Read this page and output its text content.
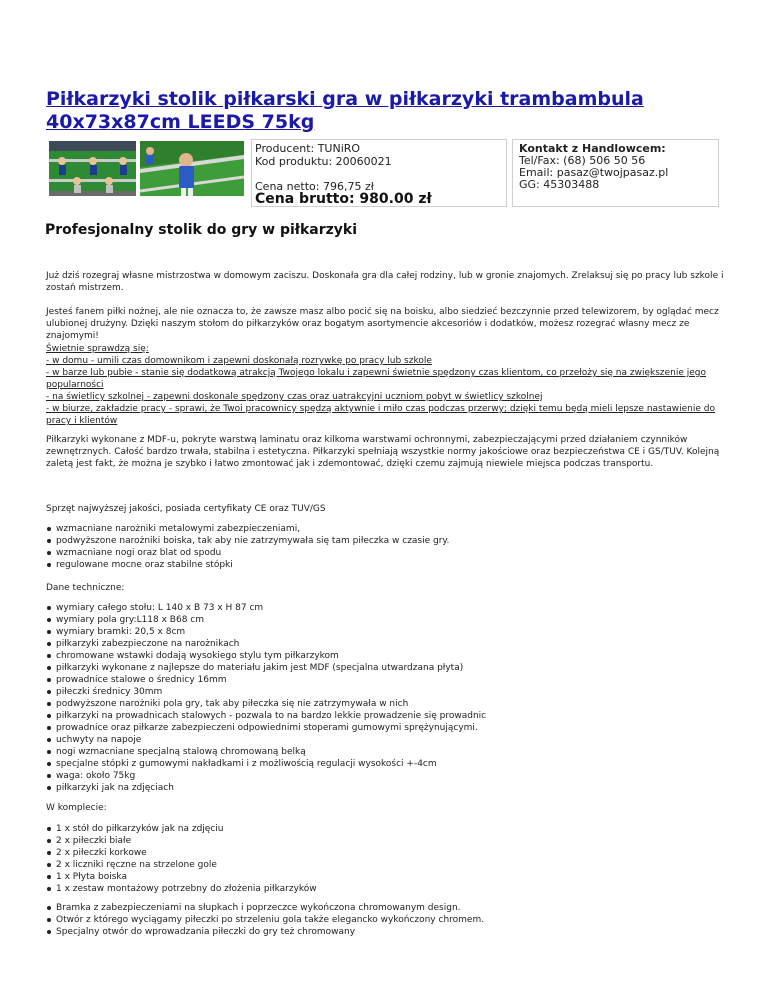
Piłkarzyki stolik piłkarski gra w piłkarzyki trambambula 40x73x87cm LEEDS 75kg
Producent: TUNiRO
Kod produktu: 20060021
Cena netto: 796,75 zł
Cena brutto: 980.00 zł
Kontakt z Handlowcem:
Tel/Fax: (68) 506 50 56
Email: pasaz@twojpasaz.pl
GG: 45303488
Profesjonalny stolik do gry w piłkarzyki

Już dziś rozegraj własne mistrzostwa w domowym zaciszu. Doskonała gra dla całej rodziny, lub w gronie znajomych. Zrelaksuj się po pracy lub szkole i zostań mistrzem.

Jesteś fanem piłki nożnej, ale nie oznacza to, że zawsze masz albo pocić się na boisku, albo siedzieć bezczynnie przed telewizorem, by oglądać mecz ulubionej drużyny. Dzięki naszym stołom do piłkarzyków oraz bogatym asortymencie akcesoriów i dodatków, możesz rozegrać własny mecz ze znajomymi!

Świetnie sprawdzą się:
- w domu - umili czas domownikom i zapewni doskonałą rozrywkę po pracy lub szkole
- w barze lub pubie - stanie się dodatkową atrakcją Twojego lokalu i zapewni świetnie spędzony czas klientom, co przełoży się na zwiększenie jego popularności
- na świetlicy szkolnej - zapewni doskonale spędzony czas oraz uatrakcyjni uczniom pobyt w świetlicy szkolnej
- w biurze, zakładzie pracy - sprawi, że Twoi pracownicy spędzą aktywnie i miło czas podczas przerwy; dzięki temu będą mieli lepsze nastawienie do pracy i klientów

Piłkarzyki wykonane z MDF-u, pokryte warstwą laminatu oraz kilkoma warstwami ochronnymi, zabezpieczającymi przed działaniem czynników zewnętrznych. Całość bardzo trwała, stabilna i estetyczna. Piłkarzyki spełniają wszystkie normy jakościowe oraz bezpieczeństwa CE i GS/TUV. Kolejną zaletą jest fakt, że można je szybko i łatwo zmontować jak i zdemontować, dzięki czemu zajmują niewiele miejsca podczas transportu.

Sprzęt najwyższej jakości, posiada certyfikaty CE oraz TUV/GS

wzmacniane narożniki metalowymi zabezpieczeniami,
podwyższone narożniki boiska, tak aby nie zatrzymywała się tam piłeczka w czasie gry.
wzmacniane nogi oraz blat od spodu
regulowane mocne oraz stabilne stópki

Dane techniczne:

wymiary całego stołu: L 140 x B 73 x H 87 cm
wymiary pola gry:L118 x B68 cm
wymiary bramki: 20,5 x 8cm
piłkarzyki zabezpieczone na narożnikach
chromowane wstawki dodają wysokiego stylu tym piłkarzykom
piłkarzyki wykonane z najlepsze do materiału jakim jest MDF (specjalna utwardzana płyta)
prowadnice stalowe o średnicy 16mm
piłeczki średnicy 30mm
podwyższone narożniki pola gry, tak aby piłeczka się nie zatrzymywała w nich
piłkarzyki na prowadnicach stalowych - pozwala to na bardzo lekkie prowadzenie się prowadnic
prowadnice oraz piłkarze zabezpieczeni odpowiednimi stoperami gumowymi sprężynującymi.
uchwyty na napoje
nogi wzmacniane specjalną stalową chromowaną belką
specjalne stópki z gumowymi nakładkami i z możliwością regulacji wysokości +-4cm
waga: około 75kg
piłkarzyki jak na zdjęciach

W komplecie:

1 x stół do piłkarzyków jak na zdjęciu
2 x piłeczki białe
2 x piłeczki korkowe
2 x liczniki ręczne na strzelone gole
1 x Płyta boiska
1 x zestaw montażowy potrzebny do złożenia piłkarzyków
Bramka z zabezpieczeniami na słupkach i poprzeczce wykończona chromowanym design.
Otwór z którego wyciągamy piłeczki po strzeleniu gola także elegancko wykończony chromem.
Specjalny otwór do wprowadzania piłeczki do gry też chromowany
